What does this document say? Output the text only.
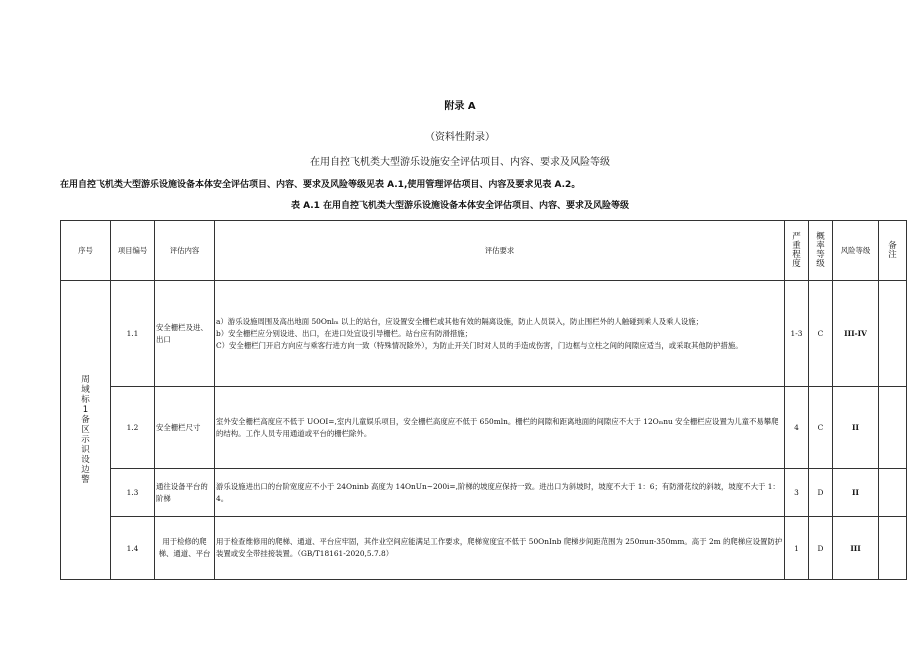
附录 A
（资料性附录）
在用自控飞机类大型游乐设施安全评估项目、内容、要求及风险等级
在用自控飞机类大型游乐设施设备本体安全评估项目、内容、要求及风险等级见表 A.1,使用管理评估项目、内容及要求见表 A.2。
表 A.1 在用自控飞机类大型游乐设施设备本体安全评估项目、内容、要求及风险等级
序号	项目编号	评估内容	评估要求	严重程度	概率等级	风险等级	备注
周域标1备区示识设边警	1.1	安全栅栏及进、出口	a）游乐设施周围及高出地面 50Onlₘ 以上的站台，应设置安全栅栏或其他有效的隔离设施，防止人员误入，防止围栏外的人触碰到乘人及乘人设施；
b）安全栅栏应分别设进、出口，在进口处宜设引导栅栏。站台应有防滑措施；
C）安全栅栏门开启方向应与乘客行进方向一致（特殊情况除外），为防止开关门时对人员的手造成伤害，门边框与立柱之间的间隙应适当，或采取其他防护措施。	1-3	C	III-IV	
	1.2	安全栅栏尺寸	室外安全栅栏高度应不低于 UOOI=,室内儿童娱乐项目，安全栅栏高度应不低于 650mln。栅栏的间隙和距离地面的间隙应不大于 12Oₘnu 安全栅栏应设置为儿童不易攀爬的结构。工作人员专用通道或平台的栅栏除外。	4	C	II	
	1.3	通往设备平台的阶梯	游乐设施进出口的台阶宽度应不小于 24Oninb 高度为 14OnUn~200i=,阶梯的坡度应保持一致。进出口为斜坡时，坡度不大于 1：6；有防滑花纹的斜坡，坡度不大于 1：4。	3	D	II	
	1.4	用于检修的爬梯、通道、平台	用于检查维修用的爬梯、通道、平台应牢固，其作业空间应能满足工作要求，爬梯宽度宜不低于 50OnInb 爬梯步间距范围为 250πuπ-350mm。高于 2m 的爬梯应设置防护装置或安全带挂接装置。（GB/T18161-2020,5.7.8）	1	D	III	
